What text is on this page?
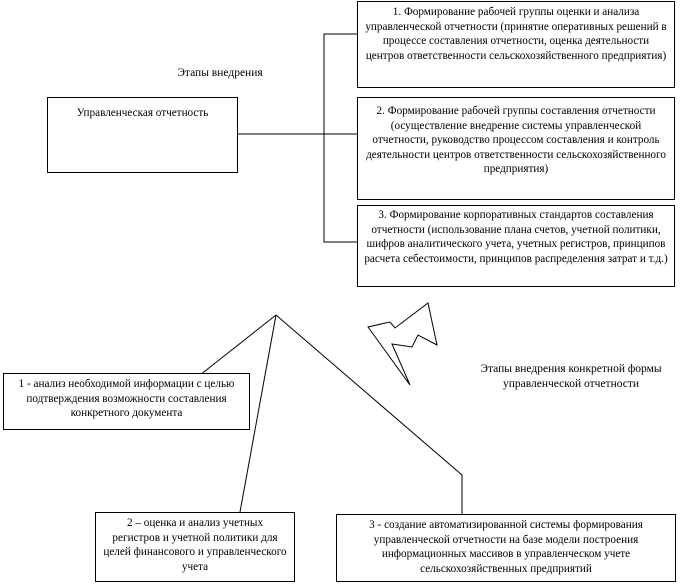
Этапы внедрения
Управленческая отчетность
1. Формирование рабочей группы оценки и анализа управленческой отчетности (принятие оперативных решений в процессе составления отчетности, оценка деятельности центров ответственности сельскохозяйственного предприятия)
2. Формирование рабочей группы составления отчетности (осуществление внедрение системы управленческой отчетности, руководство процессом составления и контроль деятельности центров ответственности сельскохозяйственного предприятия)
3. Формирование корпоративных стандартов составления отчетности (использование плана счетов, учетной политики, шифров аналитического учета, учетных регистров, принципов расчета себестоимости, принципов распределения затрат и т.д.)
Этапы внедрения конкретной формы управленческой отчетности
1 - анализ необходимой информации с целью подтверждения возможности составления конкретного документа
2 – оценка и анализ учетных регистров и учетной политики для целей финансового и управленческого учета
3 - создание автоматизированной системы формирования управленческой отчетности на базе модели построения информационных массивов в управленческом учете сельскохозяйственных предприятий
